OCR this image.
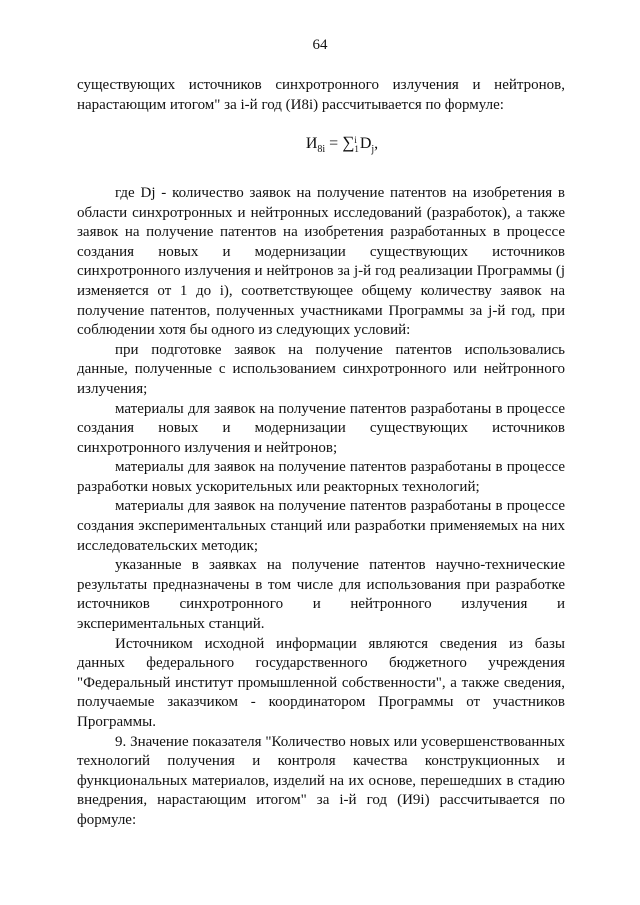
64

существующих источников синхротронного излучения и нейтронов, нарастающим итогом" за i-й год (И8i) рассчитывается по формуле:

$И_{8i} = \sum i$
$1D_j$,

где Dj - количество заявок на получение патентов на изобретения в области синхротронных и нейтронных исследований (разработок), а также заявок на получение патентов на изобретения разработанных в процессе создания новых и модернизации существующих источников синхротронного излучения и нейтронов за j-й год реализации Программы (j изменяется от 1 до i), соответствующее общему количеству заявок на получение патентов, полученных участниками Программы за j-й год, при соблюдении хотя бы одного из следующих условий:

при подготовке заявок на получение патентов использовались данные, полученные с использованием синхротронного или нейтронного излучения;

материалы для заявок на получение патентов разработаны в процессе создания новых и модернизации существующих источников синхротронного излучения и нейтронов;

материалы для заявок на получение патентов разработаны в процессе разработки новых ускорительных или реакторных технологий;

материалы для заявок на получение патентов разработаны в процессе создания экспериментальных станций или разработки применяемых на них исследовательских методик;

указанные в заявках на получение патентов научно-технические результаты предназначены в том числе для использования при разработке источников синхротронного и нейтронного излучения и экспериментальных станций.

Источником исходной информации являются сведения из базы данных федерального государственного бюджетного учреждения "Федеральный институт промышленной собственности", а также сведения, получаемые заказчиком - координатором Программы от участников Программы.

9. Значение показателя "Количество новых или усовершенствованных технологий получения и контроля качества конструкционных и функциональных материалов, изделий на их основе, перешедших в стадию внедрения, нарастающим итогом" за i-й год (И9i) рассчитывается по формуле:
